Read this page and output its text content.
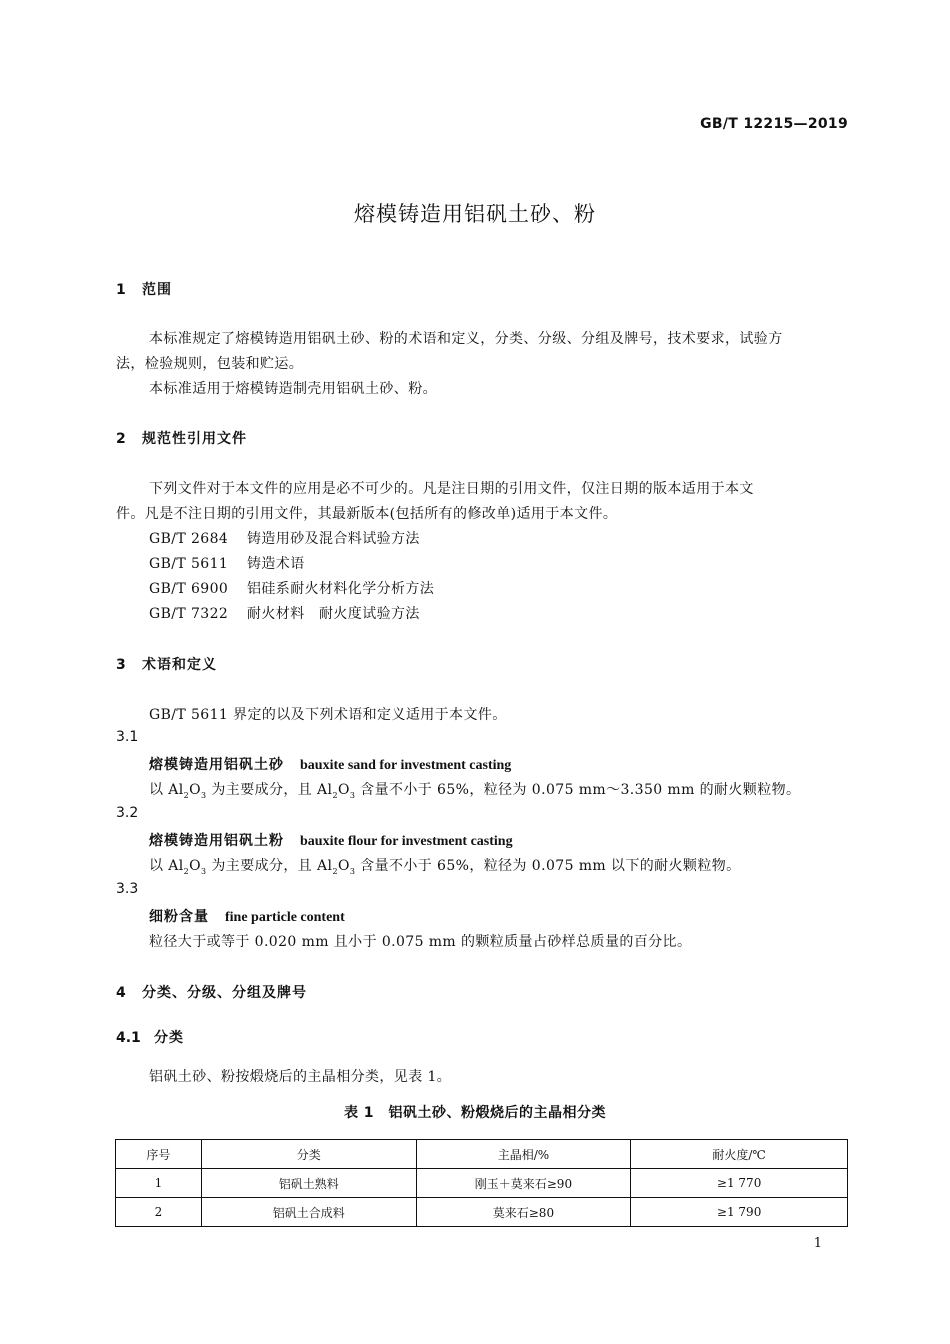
GB/T 12215—2019
熔模铸造用铝矾土砂、粉
1 范围
本标准规定了熔模铸造用铝矾土砂、粉的术语和定义，分类、分级、分组及牌号，技术要求，试验方
法，检验规则，包装和贮运。
本标准适用于熔模铸造制壳用铝矾土砂、粉。
2 规范性引用文件
下列文件对于本文件的应用是必不可少的。凡是注日期的引用文件，仅注日期的版本适用于本文
件。凡是不注日期的引用文件，其最新版本(包括所有的修改单)适用于本文件。
GB/T 2684 铸造用砂及混合料试验方法
GB/T 5611 铸造术语
GB/T 6900 铝硅系耐火材料化学分析方法
GB/T 7322 耐火材料　耐火度试验方法
3 术语和定义
GB/T 5611 界定的以及下列术语和定义适用于本文件。
3.1
熔模铸造用铝矾土砂 bauxite sand for investment casting
以 $Al_2O_3$ 为主要成分，且 $Al_2O_3$ 含量不小于 65%，粒径为 0.075 mm～3.350 mm 的耐火颗粒物。
3.2
熔模铸造用铝矾土粉 bauxite flour for investment casting
以 $Al_2O_3$ 为主要成分，且 $Al_2O_3$ 含量不小于 65%，粒径为 0.075 mm 以下的耐火颗粒物。
3.3
细粉含量 fine particle content
粒径大于或等于 0.020 mm 且小于 0.075 mm 的颗粒质量占砂样总质量的百分比。
4 分类、分级、分组及牌号
4.1 分类
铝矾土砂、粉按煅烧后的主晶相分类，见表 1。
表 1　铝矾土砂、粉煅烧后的主晶相分类
序号	分类	主晶相/%	耐火度/℃
1	铝矾土熟料	刚玉＋莫来石≥90	≥1 770
2	铝矾土合成料	莫来石≥80	≥1 790
1
